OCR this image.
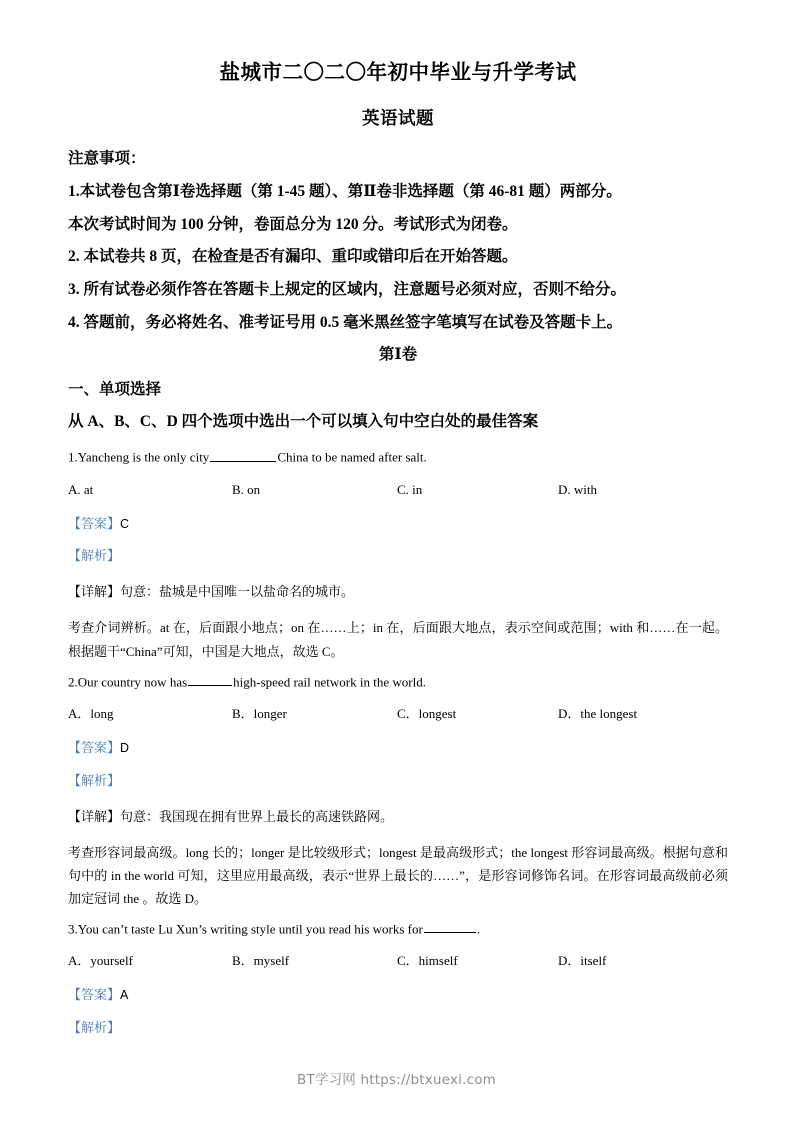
盐城市二〇二〇年初中毕业与升学考试
英语试题
注意事项：
1.本试卷包含第Ⅰ卷选择题（第 1-45 题）、第Ⅱ卷非选择题（第 46-81 题）两部分。
本次考试时间为 100 分钟，卷面总分为 120 分。考试形式为闭卷。
2. 本试卷共 8 页，在检查是否有漏印、重印或错印后在开始答题。
3. 所有试卷必须作答在答题卡上规定的区域内，注意题号必须对应，否则不给分。
4. 答题前，务必将姓名、准考证号用 0.5 毫米黑丝签字笔填写在试卷及答题卡上。
第Ⅰ卷
一、单项选择
从 A、B、C、D 四个选项中选出一个可以填入句中空白处的最佳答案
1.Yancheng is the only city	China to be named after salt.
A. at	B. on	C. in	D. with
【答案】C
【解析】
【详解】句意：盐城是中国唯一以盐命名的城市。
考查介词辨析。at 在，后面跟小地点；on 在……上；in 在，后面跟大地点，表示空间或范围；with 和……在一起。根据题干“China”可知，中国是大地点，故选 C。
2.Our country now has	high-speed rail network in the world.
A．long	B．longer	C．longest	D．the longest
【答案】D
【解析】
【详解】句意：我国现在拥有世界上最长的高速铁路网。
考查形容词最高级。long 长的；longer 是比较级形式；longest 是最高级形式；the longest 形容词最高级。根据句意和句中的 in the world 可知，这里应用最高级，表示“世界上最长的……”，是形容词修饰名词。在形容词最高级前必须加定冠词 the 。故选 D。
3.You can’t taste Lu Xun’s writing style until you read his works for	.
A．yourself	B．myself	C．himself	D．itself
【答案】A
【解析】
BT学习网 https://btxuexi.com
